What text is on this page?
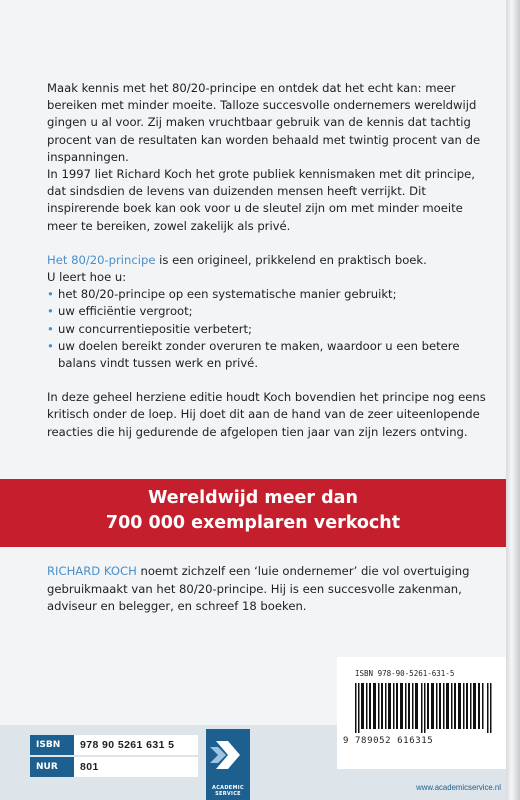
Maak kennis met het 80/20-principe en ontdek dat het echt kan: meer bereiken met minder moeite. Talloze succesvolle ondernemers wereldwijd gingen u al voor. Zij maken vruchtbaar gebruik van de kennis dat tachtig procent van de resultaten kan worden behaald met twintig procent van de inspanningen.

In 1997 liet Richard Koch het grote publiek kennismaken met dit principe, dat sindsdien de levens van duizenden mensen heeft verrijkt. Dit inspirerende boek kan ook voor u de sleutel zijn om met minder moeite meer te bereiken, zowel zakelijk als privé.

Het 80/20-principe is een origineel, prikkelend en praktisch boek.

U leert hoe u:

• het 80/20-principe op een systematische manier gebruikt;
• uw efficiëntie vergroot;
• uw concurrentiepositie verbetert;
• uw doelen bereikt zonder overuren te maken, waardoor u een betere balans vindt tussen werk en privé.

In deze geheel herziene editie houdt Koch bovendien het principe nog eens kritisch onder de loep. Hij doet dit aan de hand van de zeer uiteenlopende reacties die hij gedurende de afgelopen tien jaar van zijn lezers ontving.

Wereldwijd meer dan
700 000 exemplaren verkocht

RICHARD KOCH noemt zichzelf een ‘luie ondernemer’ die vol overtuiging gebruikmaakt van het 80/20-principe. Hij is een succesvolle zakenman, adviseur en belegger, en schreef 18 boeken.

ISBN 978-90-5261-631-5
9 789052 616315
ISBN	978 90 5261 631 5
NUR	801
ACADEMIC
SERVICE
www.academicservice.nl
